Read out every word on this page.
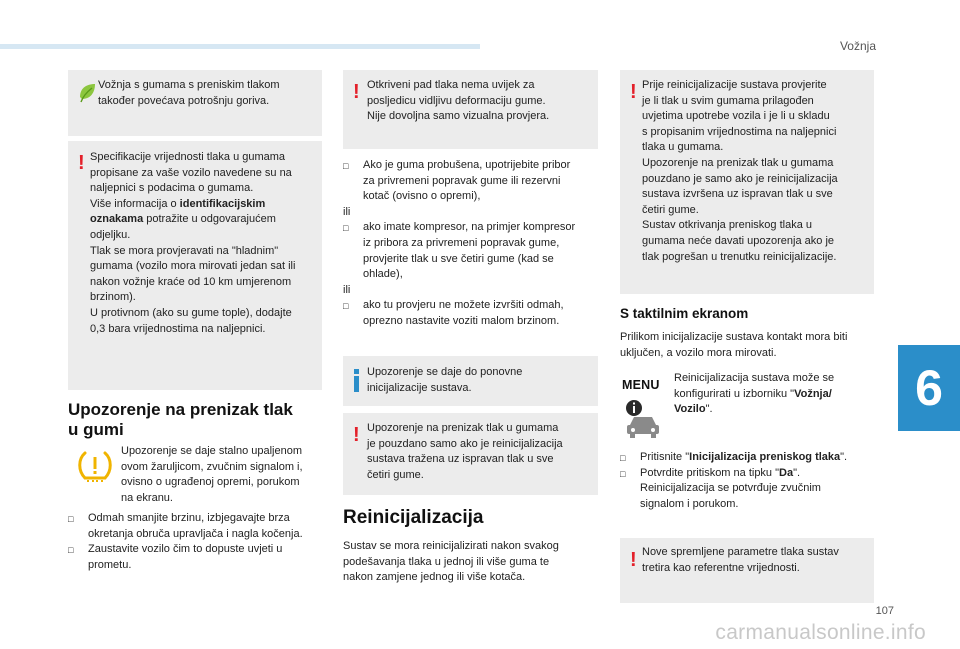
Vožnja

Vožnja s gumama s preniskim tlakom

također povećava potrošnju goriva.

! Specifikacije vrijednosti tlaka u gumama

propisane za vaše vozilo navedene su na

naljepnici s podacima o gumama.

Više informacija o identifikacijskim

oznakama potražite u odgovarajućem

odjeljku.

Tlak se mora provjeravati na "hladnim"

gumama (vozilo mora mirovati jedan sat ili

nakon vožnje kraće od 10 km umjerenom

brzinom).

U protivnom (ako su gume tople), dodajte

0,3 bara vrijednostima na naljepnici.

Upozorenje na prenizak tlak
u gumi

Upozorenje se daje stalno upaljenom

ovom žaruljicom, zvučnim signalom i,

ovisno o ugrađenoj opremi, porukom

na ekranu.

□	Odmah smanjite brzinu, izbjegavajte brza
okretanja obruča upravljača i nagla kočenja.
□	Zaustavite vozilo čim to dopuste uvjeti u
prometu.
! Otkriveni pad tlaka nema uvijek za

posljedicu vidljivu deformaciju gume.

Nije dovoljna samo vizualna provjera.

□	Ako je guma probušena, upotrijebite pribor
za privremeni popravak gume ili rezervni
kotač (ovisno o opremi),

ili

□	ako imate kompresor, na primjer kompresor
iz pribora za privremeni popravak gume,
provjerite tlak u sve četiri gume (kad se
ohlade),

ili

□	ako tu provjeru ne možete izvršiti odmah,
oprezno nastavite voziti malom brzinom.

Upozorenje se daje do ponovne

inicijalizacije sustava.

! Upozorenje na prenizak tlak u gumama

je pouzdano samo ako je reinicijalizacija

sustava tražena uz ispravan tlak u sve

četiri gume.

Reinicijalizacija

Sustav se mora reinicijalizirati nakon svakog

podešavanja tlaka u jednoj ili više guma te

nakon zamjene jednog ili više kotača.

! Prije reinicijalizacije sustava provjerite

je li tlak u svim gumama prilagođen

uvjetima upotrebe vozila i je li u skladu

s propisanim vrijednostima na naljepnici

tlaka u gumama.

Upozorenje na prenizak tlak u gumama

pouzdano je samo ako je reinicijalizacija

sustava izvršena uz ispravan tlak u sve

četiri gume.

Sustav otkrivanja preniskog tlaka u

gumama neće davati upozorenja ako je

tlak pogrešan u trenutku reinicijalizacije.

S taktilnim ekranom

Prilikom inicijalizacije sustava kontakt mora biti

uključen, a vozilo mora mirovati.

MENU	Reinicijalizacija sustava može se

konfigurirati u izborniku "Vožnja/

Vozilo".

□	Pritisnite "Inicijalizacija preniskog tlaka".
□	Potvrdite pritiskom na tipku "Da".
Reinicijalizacija se potvrđuje zvučnim
signalom i porukom.
! Nove spremljene parametre tlaka sustav

tretira kao referentne vrijednosti.

6
107
carmanualsonline.info
